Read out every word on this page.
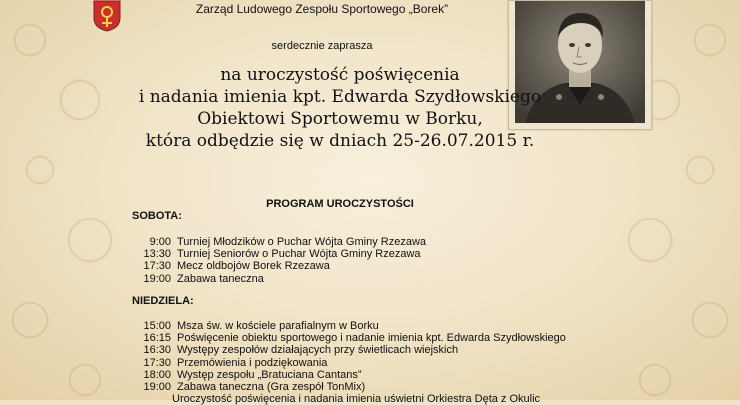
Zarząd Ludowego Zespołu Sportowego „Borek”
serdecznie zaprasza
na uroczystość poświęcenia
i nadania imienia kpt. Edwarda Szydłowskiego
Obiektowi Sportowemu w Borku,
która odbędzie się w dniach 25-26.07.2015 r.
PROGRAM UROCZYSTOŚCI
SOBOTA:
9:00 Turniej Młodzików o Puchar Wójta Gminy Rzezawa
13:30 Turniej Seniorów o Puchar Wójta Gminy Rzezawa
17:30 Mecz oldbojów Borek Rzezawa
19:00 Zabawa taneczna
NIEDZIELA:
15:00 Msza św. w kościele parafialnym w Borku
16:15 Poświęcenie obiektu sportowego i nadanie imienia kpt. Edwarda Szydłowskiego
16:30 Występy zespołów działających przy świetlicach wiejskich
17:30 Przemówienia i podziękowania
18:00 Występ zespołu „Bratuciana Cantans”
19:00 Zabawa taneczna (Gra zespół TonMix)
Uroczystość poświęcenia i nadania imienia uświetni Orkiestra Dęta z Okulic
